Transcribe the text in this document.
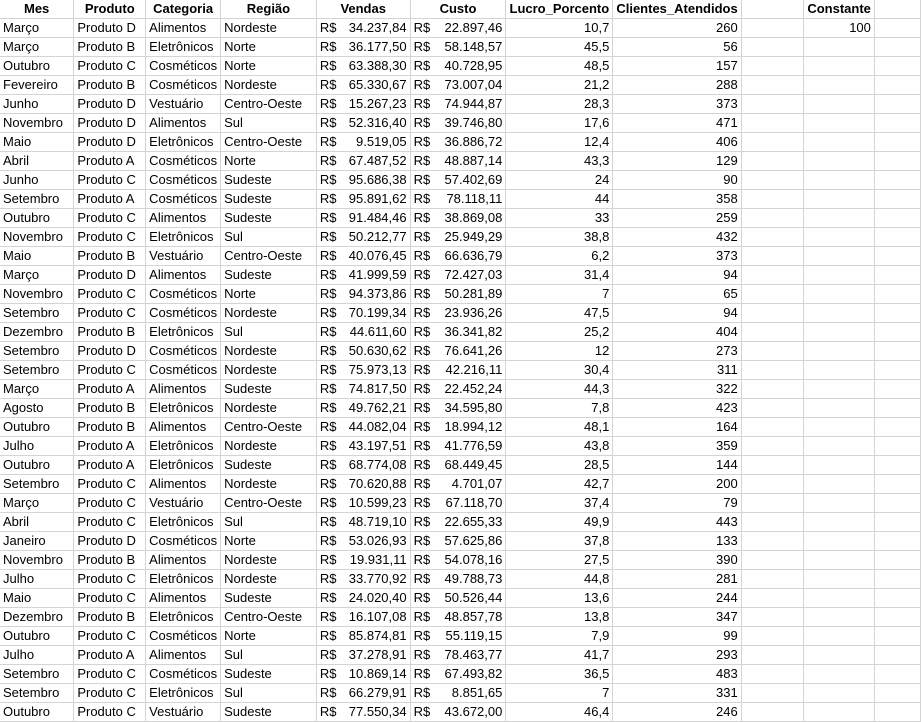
Mes	Produto	Categoria	Região	Vendas	Custo	Lucro_Porcento	Clientes_Atendidos		Constante	
Março	Produto D	Alimentos	Nordeste	R$ 34.237,84	R$ 22.897,46	10,7	260		100	
Março	Produto B	Eletrônicos	Norte	R$ 36.177,50	R$ 58.148,57	45,5	56			
Outubro	Produto C	Cosméticos	Norte	R$ 63.388,30	R$ 40.728,95	48,5	157			
Fevereiro	Produto B	Cosméticos	Nordeste	R$ 65.330,67	R$ 73.007,04	21,2	288			
Junho	Produto D	Vestuário	Centro-Oeste	R$ 15.267,23	R$ 74.944,87	28,3	373			
Novembro	Produto D	Alimentos	Sul	R$ 52.316,40	R$ 39.746,80	17,6	471			
Maio	Produto D	Eletrônicos	Centro-Oeste	R$ 9.519,05	R$ 36.886,72	12,4	406			
Abril	Produto A	Cosméticos	Norte	R$ 67.487,52	R$ 48.887,14	43,3	129			
Junho	Produto C	Cosméticos	Sudeste	R$ 95.686,38	R$ 57.402,69	24	90			
Setembro	Produto A	Cosméticos	Sudeste	R$ 95.891,62	R$ 78.118,11	44	358			
Outubro	Produto C	Alimentos	Sudeste	R$ 91.484,46	R$ 38.869,08	33	259			
Novembro	Produto C	Eletrônicos	Sul	R$ 50.212,77	R$ 25.949,29	38,8	432			
Maio	Produto B	Vestuário	Centro-Oeste	R$ 40.076,45	R$ 66.636,79	6,2	373			
Março	Produto D	Alimentos	Sudeste	R$ 41.999,59	R$ 72.427,03	31,4	94			
Novembro	Produto C	Cosméticos	Norte	R$ 94.373,86	R$ 50.281,89	7	65			
Setembro	Produto C	Cosméticos	Nordeste	R$ 70.199,34	R$ 23.936,26	47,5	94			
Dezembro	Produto B	Eletrônicos	Sul	R$ 44.611,60	R$ 36.341,82	25,2	404			
Setembro	Produto D	Cosméticos	Nordeste	R$ 50.630,62	R$ 76.641,26	12	273			
Setembro	Produto C	Cosméticos	Nordeste	R$ 75.973,13	R$ 42.216,11	30,4	311			
Março	Produto A	Alimentos	Sudeste	R$ 74.817,50	R$ 22.452,24	44,3	322			
Agosto	Produto B	Eletrônicos	Nordeste	R$ 49.762,21	R$ 34.595,80	7,8	423			
Outubro	Produto B	Alimentos	Centro-Oeste	R$ 44.082,04	R$ 18.994,12	48,1	164			
Julho	Produto A	Eletrônicos	Nordeste	R$ 43.197,51	R$ 41.776,59	43,8	359			
Outubro	Produto A	Eletrônicos	Sudeste	R$ 68.774,08	R$ 68.449,45	28,5	144			
Setembro	Produto C	Alimentos	Nordeste	R$ 70.620,88	R$ 4.701,07	42,7	200			
Março	Produto C	Vestuário	Centro-Oeste	R$ 10.599,23	R$ 67.118,70	37,4	79			
Abril	Produto C	Eletrônicos	Sul	R$ 48.719,10	R$ 22.655,33	49,9	443			
Janeiro	Produto D	Cosméticos	Norte	R$ 53.026,93	R$ 57.625,86	37,8	133			
Novembro	Produto B	Alimentos	Nordeste	R$ 19.931,11	R$ 54.078,16	27,5	390			
Julho	Produto C	Eletrônicos	Nordeste	R$ 33.770,92	R$ 49.788,73	44,8	281			
Maio	Produto C	Alimentos	Sudeste	R$ 24.020,40	R$ 50.526,44	13,6	244			
Dezembro	Produto B	Eletrônicos	Centro-Oeste	R$ 16.107,08	R$ 48.857,78	13,8	347			
Outubro	Produto C	Cosméticos	Norte	R$ 85.874,81	R$ 55.119,15	7,9	99			
Julho	Produto A	Alimentos	Sul	R$ 37.278,91	R$ 78.463,77	41,7	293			
Setembro	Produto C	Cosméticos	Sudeste	R$ 10.869,14	R$ 67.493,82	36,5	483			
Setembro	Produto C	Eletrônicos	Sul	R$ 66.279,91	R$ 8.851,65	7	331			
Outubro	Produto C	Vestuário	Sudeste	R$ 77.550,34	R$ 43.672,00	46,4	246			
